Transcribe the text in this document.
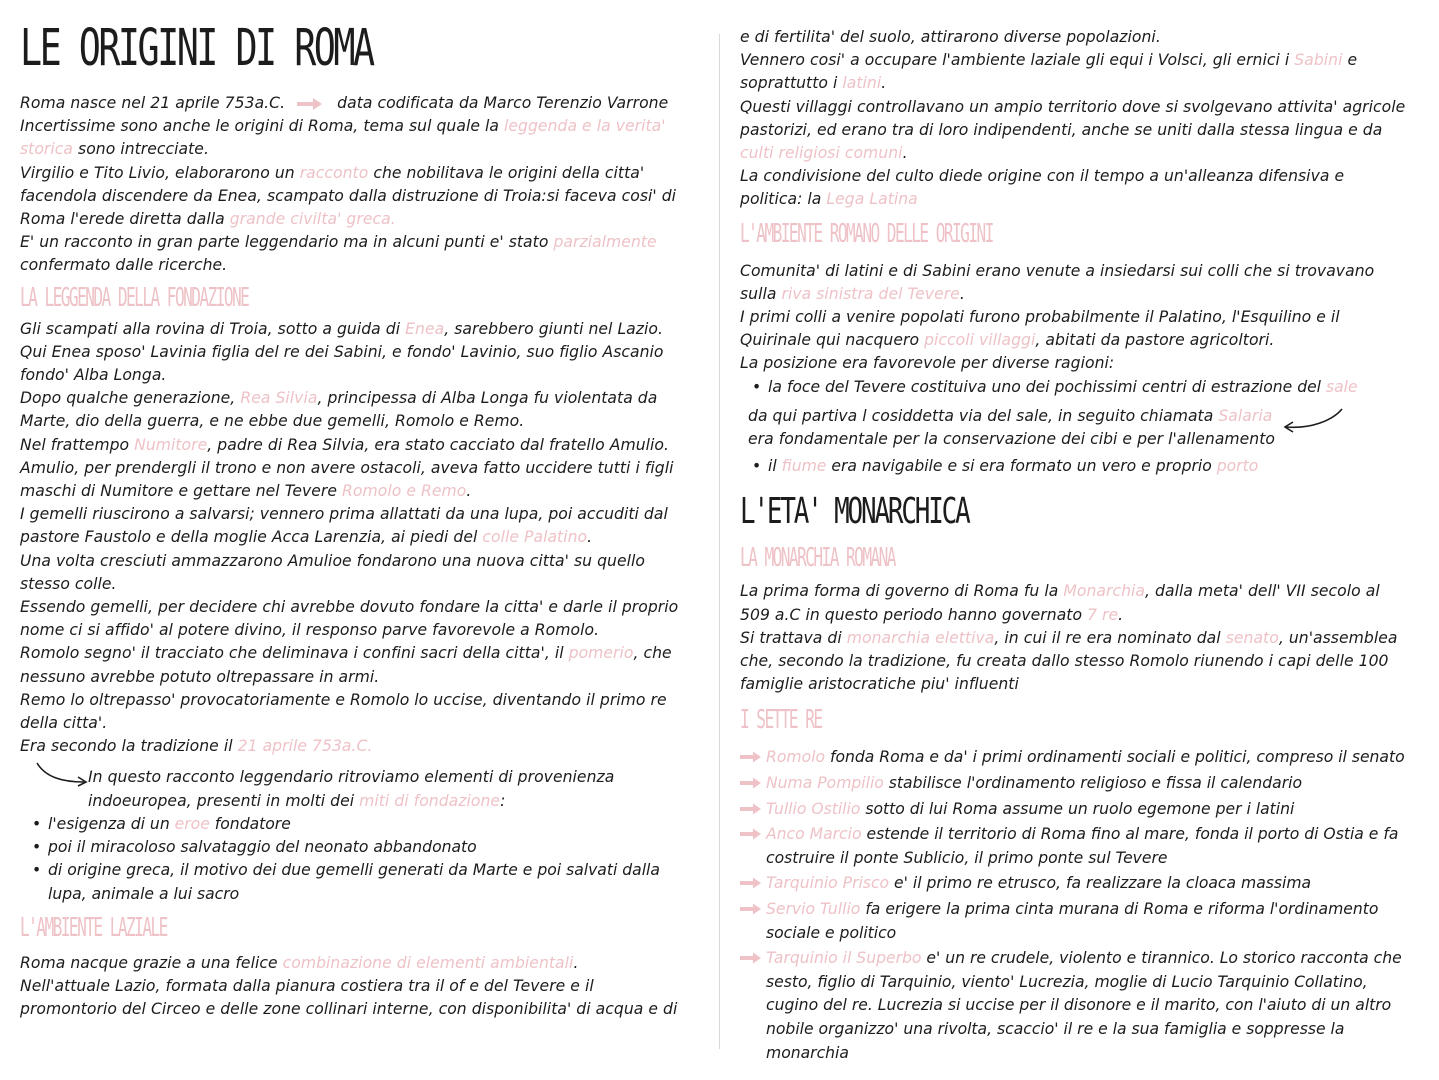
LE ORIGINI DI ROMA

Roma nasce nel 21 aprile 753a.C.	data codificata da Marco Terenzio Varrone

Incertissime sono anche le origini di Roma, tema sul quale la leggenda e la verita' storica sono intrecciate.

Virgilio e Tito Livio, elaborarono un racconto che nobilitava le origini della citta' facendola discendere da Enea, scampato dalla distruzione di Troia:si faceva cosi' di Roma l'erede diretta dalla grande civilta' greca.

E' un racconto in gran parte leggendario ma in alcuni punti e' stato parzialmente confermato dalle ricerche.

LA LEGGENDA DELLA FONDAZIONE

Gli scampati alla rovina di Troia, sotto a guida di Enea, sarebbero giunti nel Lazio.

Qui Enea sposo' Lavinia figlia del re dei Sabini, e fondo' Lavinio, suo figlio Ascanio fondo' Alba Longa.

Dopo qualche generazione, Rea Silvia, principessa di Alba Longa fu violentata da Marte, dio della guerra, e ne ebbe due gemelli, Romolo e Remo.

Nel frattempo Numitore, padre di Rea Silvia, era stato cacciato dal fratello Amulio. Amulio, per prendergli il trono e non avere ostacoli, aveva fatto uccidere tutti i figli maschi di Numitore e gettare nel Tevere Romolo e Remo.

I gemelli riuscirono a salvarsi; vennero prima allattati da una lupa, poi accuditi dal pastore Faustolo e della moglie Acca Larenzia, ai piedi del colle Palatino.

Una volta cresciuti ammazzarono Amulioe fondarono una nuova citta' su quello stesso colle.

Essendo gemelli, per decidere chi avrebbe dovuto fondare la citta' e darle il proprio nome ci si affido' al potere divino, il responso parve favorevole a Romolo.

Romolo segno' il tracciato che deliminava i confini sacri della citta', il pomerio, che nessuno avrebbe potuto oltrepassare in armi.

Remo lo oltrepasso' provocatoriamente e Romolo lo uccise, diventando il primo re della citta'.

Era secondo la tradizione il 21 aprile 753a.C.

In questo racconto leggendario ritroviamo elementi di provenienza indoeuropea, presenti in molti dei miti di fondazione:

• l'esigenza di un eroe fondatore
• poi il miracoloso salvataggio del neonato abbandonato
• di origine greca, il motivo dei due gemelli generati da Marte e poi salvati dalla lupa, animale a lui sacro
L'AMBIENTE LAZIALE

Roma nacque grazie a una felice combinazione di elementi ambientali.

Nell'attuale Lazio, formata dalla pianura costiera tra il of e del Tevere e il promontorio del Circeo e delle zone collinari interne, con disponibilita' di acqua e di

e di fertilita' del suolo, attirarono diverse popolazioni.

Vennero cosi' a occupare l'ambiente laziale gli equi i Volsci, gli ernici i Sabini e soprattutto i latini.

Questi villaggi controllavano un ampio territorio dove si svolgevano attivita' agricole pastorizi, ed erano tra di loro indipendenti, anche se uniti dalla stessa lingua e da culti religiosi comuni.

La condivisione del culto diede origine con il tempo a un'alleanza difensiva e politica: la Lega Latina

L'AMBIENTE ROMANO DELLE ORIGINI

Comunita' di latini e di Sabini erano venute a insiedarsi sui colli che si trovavano sulla riva sinistra del Tevere.

I primi colli a venire popolati furono probabilmente il Palatino, l'Esquilino e il Quirinale qui nacquero piccoli villaggi, abitati da pastore agricoltori.

La posizione era favorevole per diverse ragioni:

• la foce del Tevere costituiva uno dei pochissimi centri di estrazione del sale

da qui partiva l cosiddetta via del sale, in seguito chiamata Salaria

era fondamentale per la conservazione dei cibi e per l'allenamento

• il fiume era navigabile e si era formato un vero e proprio porto
L'ETA' MONARCHICA
LA MONARCHIA ROMANA

La prima forma di governo di Roma fu la Monarchia, dalla meta' dell' VII secolo al 509 a.C in questo periodo hanno governato 7 re.

Si trattava di monarchia elettiva, in cui il re era nominato dal senato, un'assemblea che, secondo la tradizione, fu creata dallo stesso Romolo riunendo i capi delle 100 famiglie aristocratiche piu' influenti

I SETTE RE
Romolo fonda Roma e da' i primi ordinamenti sociali e politici, compreso il senato
Numa Pompilio stabilisce l'ordinamento religioso e fissa il calendario
Tullio Ostilio sotto di lui Roma assume un ruolo egemone per i latini
Anco Marcio estende il territorio di Roma fino al mare, fonda il porto di Ostia e fa costruire il ponte Sublicio, il primo ponte sul Tevere
Tarquinio Prisco e' il primo re etrusco, fa realizzare la cloaca massima
Servio Tullio fa erigere la prima cinta murana di Roma e riforma l'ordinamento sociale e politico
Tarquinio il Superbo e' un re crudele, violento e tirannico. Lo storico racconta che sesto, figlio di Tarquinio, viento' Lucrezia, moglie di Lucio Tarquinio Collatino, cugino del re. Lucrezia si uccise per il disonore e il marito, con l'aiuto di un altro nobile organizzo' una rivolta, scaccio' il re e la sua famiglia e soppresse la monarchia
